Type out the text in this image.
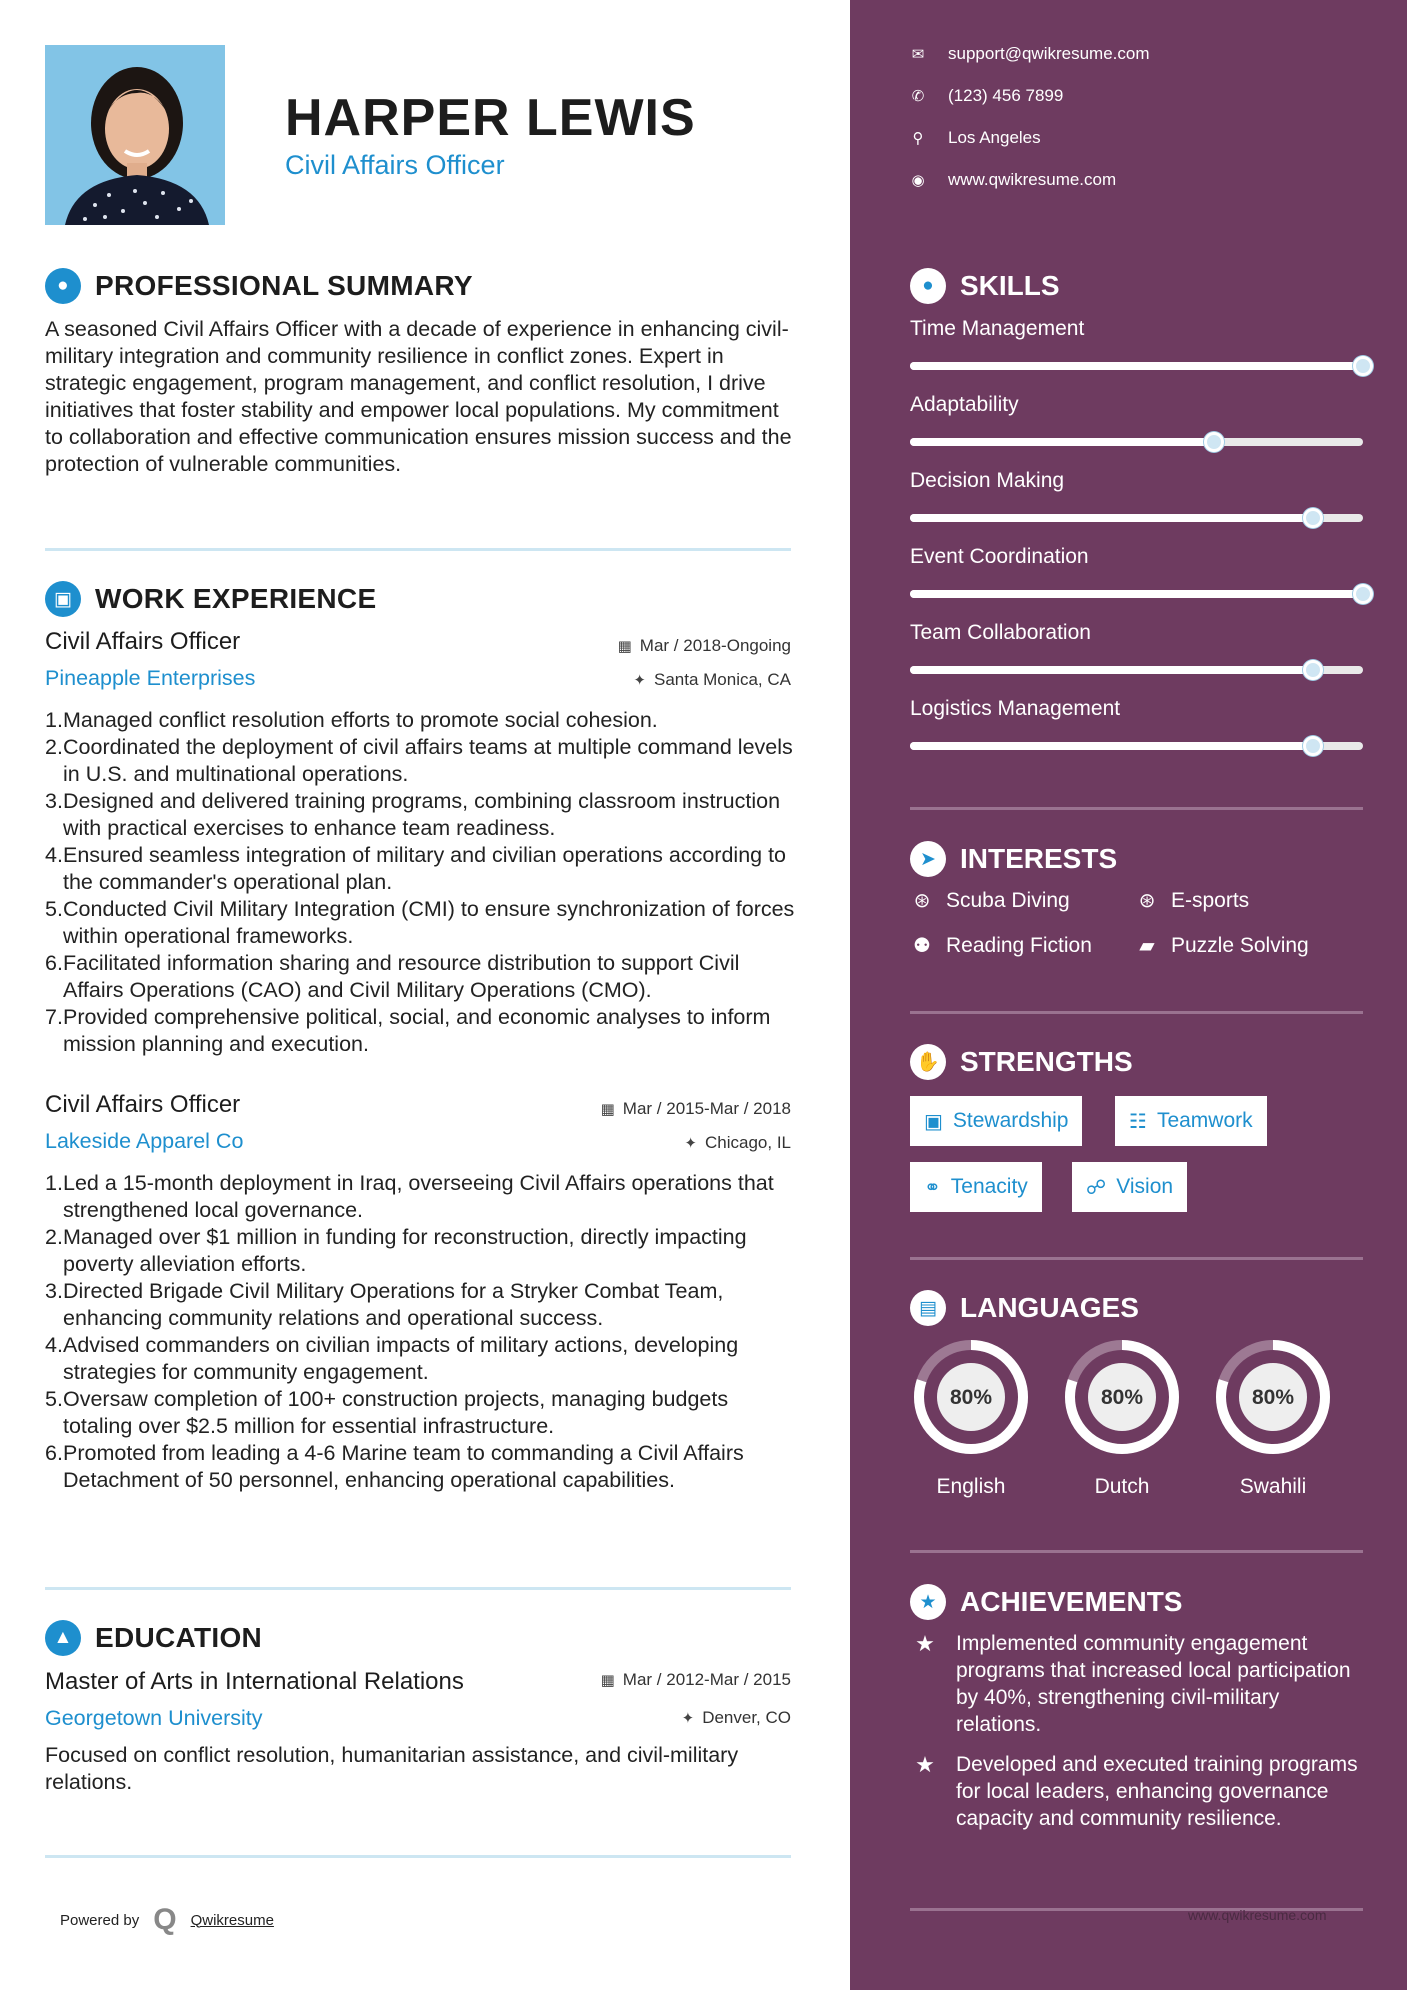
HARPER LEWIS
Civil Affairs Officer
● PROFESSIONAL SUMMARY
A seasoned Civil Affairs Officer with a decade of experience in enhancing civil-military integration and community resilience in conflict zones. Expert in strategic engagement, program management, and conflict resolution, I drive initiatives that foster stability and empower local populations. My commitment to collaboration and effective communication ensures mission success and the protection of vulnerable communities.
▣ WORK EXPERIENCE
Civil Affairs Officer	▦ Mar / 2018-Ongoing
Pineapple Enterprises	✦ Santa Monica, CA
1. Managed conflict resolution efforts to promote social cohesion.
2. Coordinated the deployment of civil affairs teams at multiple command levels in U.S. and multinational operations.
3. Designed and delivered training programs, combining classroom instruction with practical exercises to enhance team readiness.
4. Ensured seamless integration of military and civilian operations according to the commander's operational plan.
5. Conducted Civil Military Integration (CMI) to ensure synchronization of forces within operational frameworks.
6. Facilitated information sharing and resource distribution to support Civil Affairs Operations (CAO) and Civil Military Operations (CMO).
7. Provided comprehensive political, social, and economic analyses to inform mission planning and execution.
Civil Affairs Officer	▦ Mar / 2015-Mar / 2018
Lakeside Apparel Co	✦ Chicago, IL
1. Led a 15-month deployment in Iraq, overseeing Civil Affairs operations that strengthened local governance.
2. Managed over $1 million in funding for reconstruction, directly impacting poverty alleviation efforts.
3. Directed Brigade Civil Military Operations for a Stryker Combat Team, enhancing community relations and operational success.
4. Advised commanders on civilian impacts of military actions, developing strategies for community engagement.
5. Oversaw completion of 100+ construction projects, managing budgets totaling over $2.5 million for essential infrastructure.
6. Promoted from leading a 4-6 Marine team to commanding a Civil Affairs Detachment of 50 personnel, enhancing operational capabilities.
▲ EDUCATION
Master of Arts in International Relations	▦ Mar / 2012-Mar / 2015
Georgetown University	✦ Denver, CO
Focused on conflict resolution, humanitarian assistance, and civil-military relations.
Powered by Q Qwikresume
✉ support@qwikresume.com
✆ (123) 456 7899
⚲ Los Angeles
◉ www.qwikresume.com
● SKILLS
Time Management
Adaptability
Decision Making
Event Coordination
Team Collaboration
Logistics Management
➤ INTERESTS
⊛ Scuba Diving	⊛ E-sports
⚉ Reading Fiction ▰ Puzzle Solving
✋ STRENGTHS
▣ Stewardship	☷ Teamwork
⚭ Tenacity	☍ Vision
▤ LANGUAGES
80%
English
80%
Dutch
80%
Swahili
★ ACHIEVEMENTS
★ Implemented community engagement programs that increased local participation by 40%, strengthening civil-military relations.
★ Developed and executed training programs for local leaders, enhancing governance capacity and community resilience.
www.qwikresume.com
